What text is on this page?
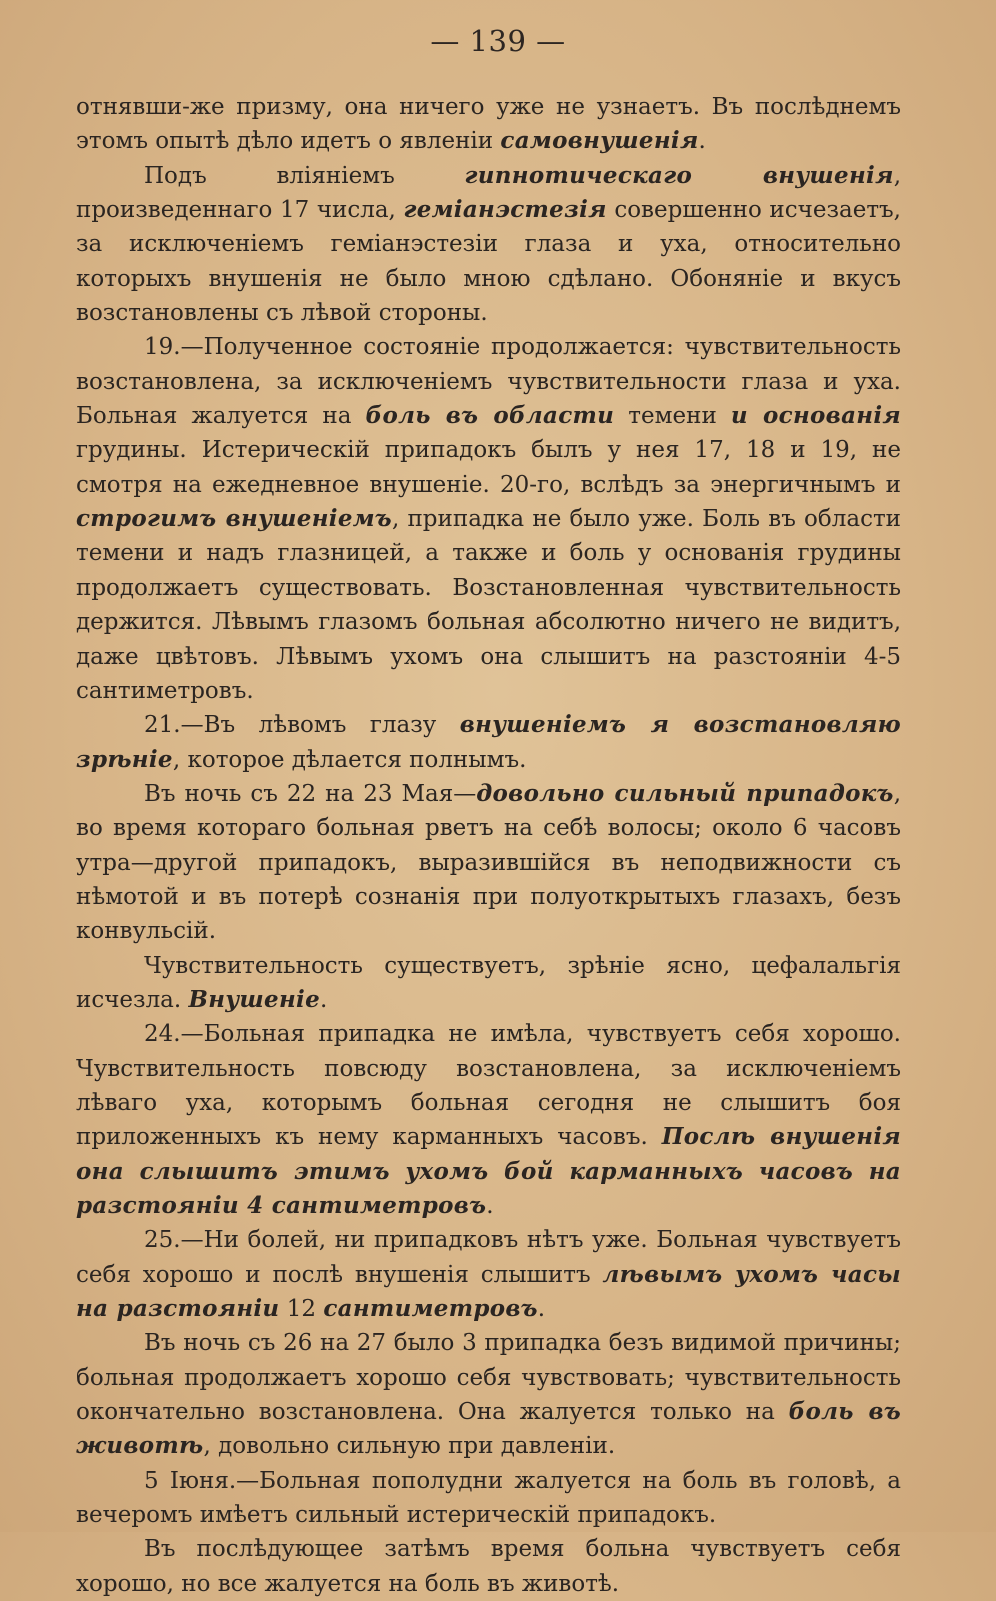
— 139 —

отнявши-же призму, она ничего уже не узнаетъ. Въ послѣднемъ этомъ опытѣ дѣло идетъ о явленіи самовнушенія.

Подъ вліяніемъ гипнотическаго внушенія, произведеннаго 17 числа, геміанэстезія совершенно исчезаетъ, за исключеніемъ геміанэстезіи глаза и уха, относительно которыхъ внушенія не было мною сдѣлано. Обоняніе и вкусъ возстановлены съ лѣвой стороны.

19.—Полученное состояніе продолжается: чувствительность возстановлена, за исключеніемъ чувствительности глаза и уха. Больная жалуется на боль въ области темени и основанія грудины. Истерическій припадокъ былъ у нея 17, 18 и 19, не смотря на ежедневное внушеніе. 20-го, вслѣдъ за энергичнымъ и строгимъ внушеніемъ, припадка не было уже. Боль въ области темени и надъ глазницей, а также и боль у основанія грудины продолжаетъ существовать. Возстановленная чувствительность держится. Лѣвымъ глазомъ больная абсолютно ничего не видитъ, даже цвѣтовъ. Лѣвымъ ухомъ она слышитъ на разстояніи 4-5 сантиметровъ.

21.—Въ лѣвомъ глазу внушеніемъ я возстановляю зрѣніе, которое дѣлается полнымъ.

Въ ночь съ 22 на 23 Мая—довольно сильный припадокъ, во время котораго больная рветъ на себѣ волосы; около 6 часовъ утра—другой припадокъ, выразившійся въ неподвижности съ нѣмотой и въ потерѣ сознанія при полуоткрытыхъ глазахъ, безъ конвульсій.

Чувствительность существуетъ, зрѣніе ясно, цефалальгія исчезла. Внушеніе.

24.—Больная припадка не имѣла, чувствуетъ себя хорошо. Чувствительность повсюду возстановлена, за исключеніемъ лѣваго уха, которымъ больная сегодня не слышитъ боя приложенныхъ къ нему карманныхъ часовъ. Послѣ внушенія она слышитъ этимъ ухомъ бой карманныхъ часовъ на разстояніи 4 сантиметровъ.

25.—Ни болей, ни припадковъ нѣтъ уже. Больная чувствуетъ себя хорошо и послѣ внушенія слышитъ лѣвымъ ухомъ часы на разстояніи 12 сантиметровъ.

Въ ночь съ 26 на 27 было 3 припадка безъ видимой причины; больная продолжаетъ хорошо себя чувствовать; чувствительность окончательно возстановлена. Она жалуется только на боль въ животѣ, довольно сильную при давленіи.

5 Іюня.—Больная пополудни жалуется на боль въ головѣ, а вечеромъ имѣетъ сильный истерическій припадокъ.

Въ послѣдующее затѣмъ время больна чувствуетъ себя хорошо, но все жалуется на боль въ животѣ.
